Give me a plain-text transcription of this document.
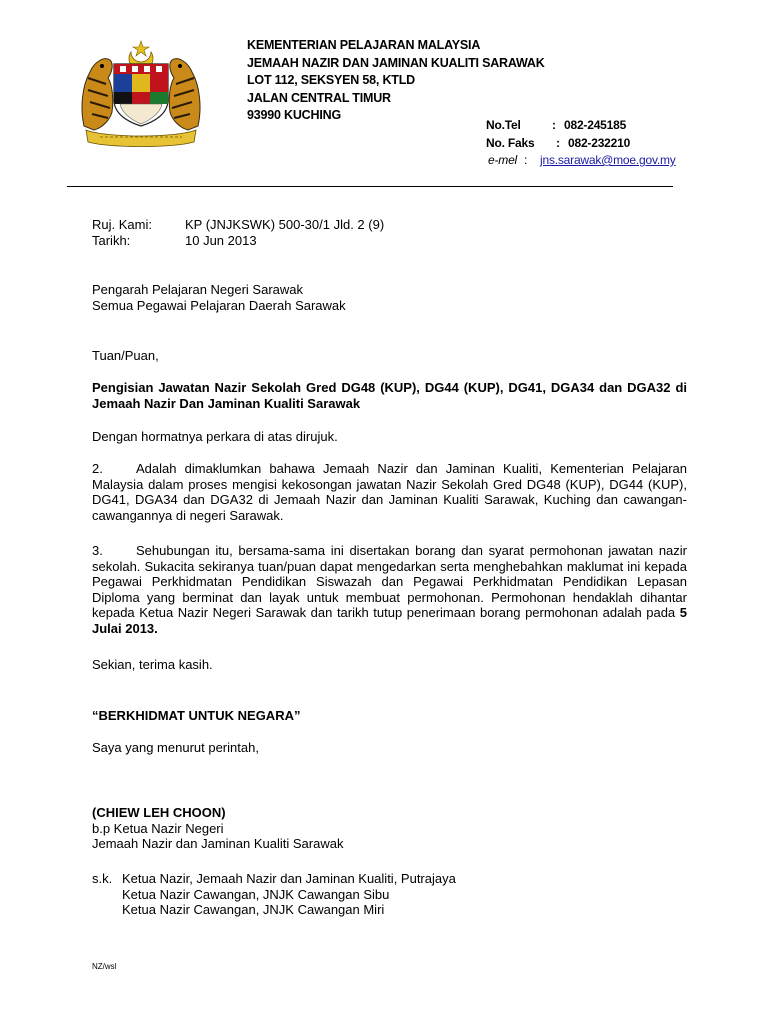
KEMENTERIAN PELAJARAN MALAYSIA
JEMAAH NAZIR DAN JAMINAN KUALITI SARAWAK
LOT 112, SEKSYEN 58, KTLD
JALAN CENTRAL TIMUR
93990 KUCHING
No.Tel	: 082-245185
No. Faks	: 082-232210
e-mel :	jns.sarawak@moe.gov.my
Ruj. Kami:	KP (JNJKSWK) 500-30/1 Jld. 2 (9)
Tarikh:	10 Jun 2013
Pengarah Pelajaran Negeri Sarawak
Semua Pegawai Pelajaran Daerah Sarawak
Tuan/Puan,
Pengisian Jawatan Nazir Sekolah Gred DG48 (KUP), DG44 (KUP), DG41, DGA34 dan DGA32 di Jemaah Nazir Dan Jaminan Kualiti Sarawak
Dengan hormatnya perkara di atas dirujuk.
2.	Adalah dimaklumkan bahawa Jemaah Nazir dan Jaminan Kualiti, Kementerian Pelajaran Malaysia dalam proses mengisi kekosongan jawatan Nazir Sekolah Gred DG48 (KUP), DG44 (KUP), DG41, DGA34 dan DGA32 di Jemaah Nazir dan Jaminan Kualiti Sarawak, Kuching dan cawangan-cawangannya di negeri Sarawak.
3.	Sehubungan itu, bersama-sama ini disertakan borang dan syarat permohonan jawatan nazir sekolah. Sukacita sekiranya tuan/puan dapat mengedarkan serta menghebahkan maklumat ini kepada Pegawai Perkhidmatan Pendidikan Siswazah dan Pegawai Perkhidmatan Pendidikan Lepasan Diploma yang berminat dan layak untuk membuat permohonan. Permohonan hendaklah dihantar kepada Ketua Nazir Negeri Sarawak dan tarikh tutup penerimaan borang permohonan adalah pada 5 Julai 2013.
Sekian, terima kasih.
“BERKHIDMAT UNTUK NEGARA”
Saya yang menurut perintah,
(CHIEW LEH CHOON)
b.p Ketua Nazir Negeri
Jemaah Nazir dan Jaminan Kualiti Sarawak
s.k. Ketua Nazir, Jemaah Nazir dan Jaminan Kualiti, Putrajaya
Ketua Nazir Cawangan, JNJK Cawangan Sibu
Ketua Nazir Cawangan, JNJK Cawangan Miri
NZ/wsl
